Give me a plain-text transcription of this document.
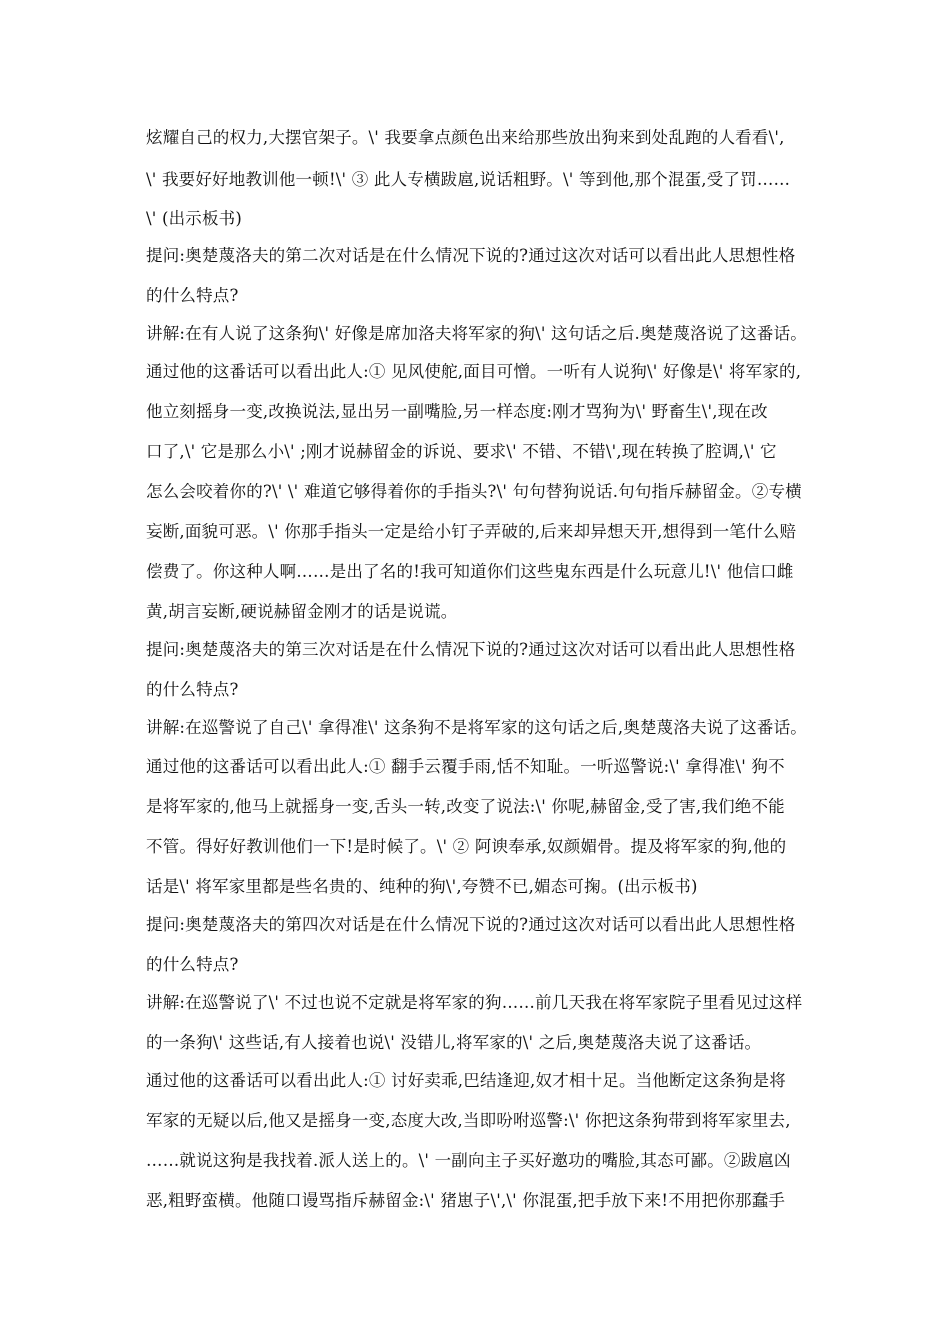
炫耀自己的权力,大摆官架子。\' 我要拿点颜色出来给那些放出狗来到处乱跑的人看看\',
\' 我要好好地教训他一顿!\' ③ 此人专横跋扈,说话粗野。\' 等到他,那个混蛋,受了罚……
\' (出示板书)
提问:奥楚蔑洛夫的第二次对话是在什么情况下说的?通过这次对话可以看出此人思想性格
的什么特点?
讲解:在有人说了这条狗\' 好像是席加洛夫将军家的狗\' 这句话之后.奥楚蔑洛说了这番话。
通过他的这番话可以看出此人:① 见风使舵,面目可憎。一听有人说狗\' 好像是\' 将军家的,
他立刻摇身一变,改换说法,显出另一副嘴脸,另一样态度:刚才骂狗为\' 野畜生\',现在改
口了,\' 它是那么小\' ;刚才说赫留金的诉说、要求\' 不错、不错\',现在转换了腔调,\' 它
怎么会咬着你的?\' \' 难道它够得着你的手指头?\' 句句替狗说话.句句指斥赫留金。②专横
妄断,面貌可恶。\' 你那手指头一定是给小钉子弄破的,后来却异想天开,想得到一笔什么赔
偿费了。你这种人啊……是出了名的!我可知道你们这些鬼东西是什么玩意儿!\' 他信口雌
黄,胡言妄断,硬说赫留金刚才的话是说谎。
提问:奥楚蔑洛夫的第三次对话是在什么情况下说的?通过这次对话可以看出此人思想性格
的什么特点?
讲解:在巡警说了自己\' 拿得准\' 这条狗不是将军家的这句话之后,奥楚蔑洛夫说了这番话。
通过他的这番话可以看出此人:① 翻手云覆手雨,恬不知耻。一听巡警说:\' 拿得准\' 狗不
是将军家的,他马上就摇身一变,舌头一转,改变了说法:\' 你呢,赫留金,受了害,我们绝不能
不管。得好好教训他们一下!是时候了。\' ② 阿谀奉承,奴颜媚骨。提及将军家的狗,他的
话是\' 将军家里都是些名贵的、纯种的狗\',夸赞不已,媚态可掬。(出示板书)
提问:奥楚蔑洛夫的第四次对话是在什么情况下说的?通过这次对话可以看出此人思想性格
的什么特点?
讲解:在巡警说了\' 不过也说不定就是将军家的狗……前几天我在将军家院子里看见过这样
的一条狗\' 这些话,有人接着也说\' 没错儿,将军家的\' 之后,奥楚蔑洛夫说了这番话。
通过他的这番话可以看出此人:① 讨好卖乖,巴结逢迎,奴才相十足。当他断定这条狗是将
军家的无疑以后,他又是摇身一变,态度大改,当即吩咐巡警:\' 你把这条狗带到将军家里去,
……就说这狗是我找着.派人送上的。\' 一副向主子买好邀功的嘴脸,其态可鄙。②跋扈凶
恶,粗野蛮横。他随口谩骂指斥赫留金:\' 猪崽子\',\' 你混蛋,把手放下来!不用把你那蠢手
